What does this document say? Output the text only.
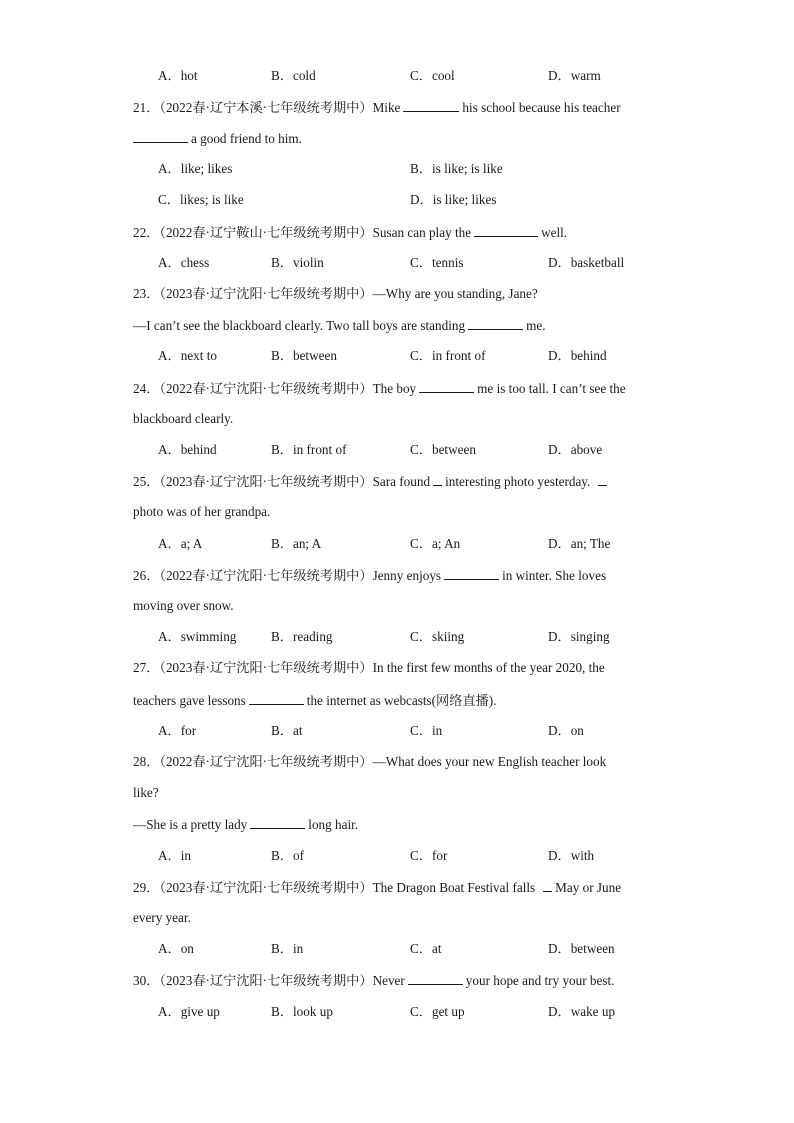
A．hot	B．cold	C．cool	D．warm
21．（2022春·辽宁本溪·七年级统考期中）Mike	his school because his teacher
a good friend to him.
A．like; likes	B．is like; is like
C．likes; is like	D．is like; likes
22．（2022春·辽宁鞍山·七年级统考期中）Susan can play the	well.
A．chess	B．violin	C．tennis	D．basketball
23．（2023春·辽宁沈阳·七年级统考期中）—Why are you standing, Jane?
—I can’t see the blackboard clearly. Two tall boys are standing	me.
A．next to	B．between	C．in front of	D．behind
24．（2022春·辽宁沈阳·七年级统考期中）The boy	me is too tall. I can’t see the
blackboard clearly.
A．behind	B．in front of	C．between	D．above
25．（2023春·辽宁沈阳·七年级统考期中）Sara found interesting photo yesterday.
photo was of her grandpa.
A．a; A	B．an; A	C．a; An	D．an; The
26．（2022春·辽宁沈阳·七年级统考期中）Jenny enjoys	in winter. She loves
moving over snow.
A．swimming	B．reading	C．skiing	D．singing
27．（2023春·辽宁沈阳·七年级统考期中）In the first few months of the year 2020, the
teachers gave lessons	the internet as webcasts(网络直播).
A．for	B．at	C．in	D．on
28．（2022春·辽宁沈阳·七年级统考期中）—What does your new English teacher look
like?
—She is a pretty lady	long hair.
A．in	B．of	C．for	D．with
29．（2023春·辽宁沈阳·七年级统考期中）The Dragon Boat Festival falls May or June
every year.
A．on	B．in	C．at	D．between
30．（2023春·辽宁沈阳·七年级统考期中）Never	your hope and try your best.
A．give up	B．look up	C．get up	D．wake up
